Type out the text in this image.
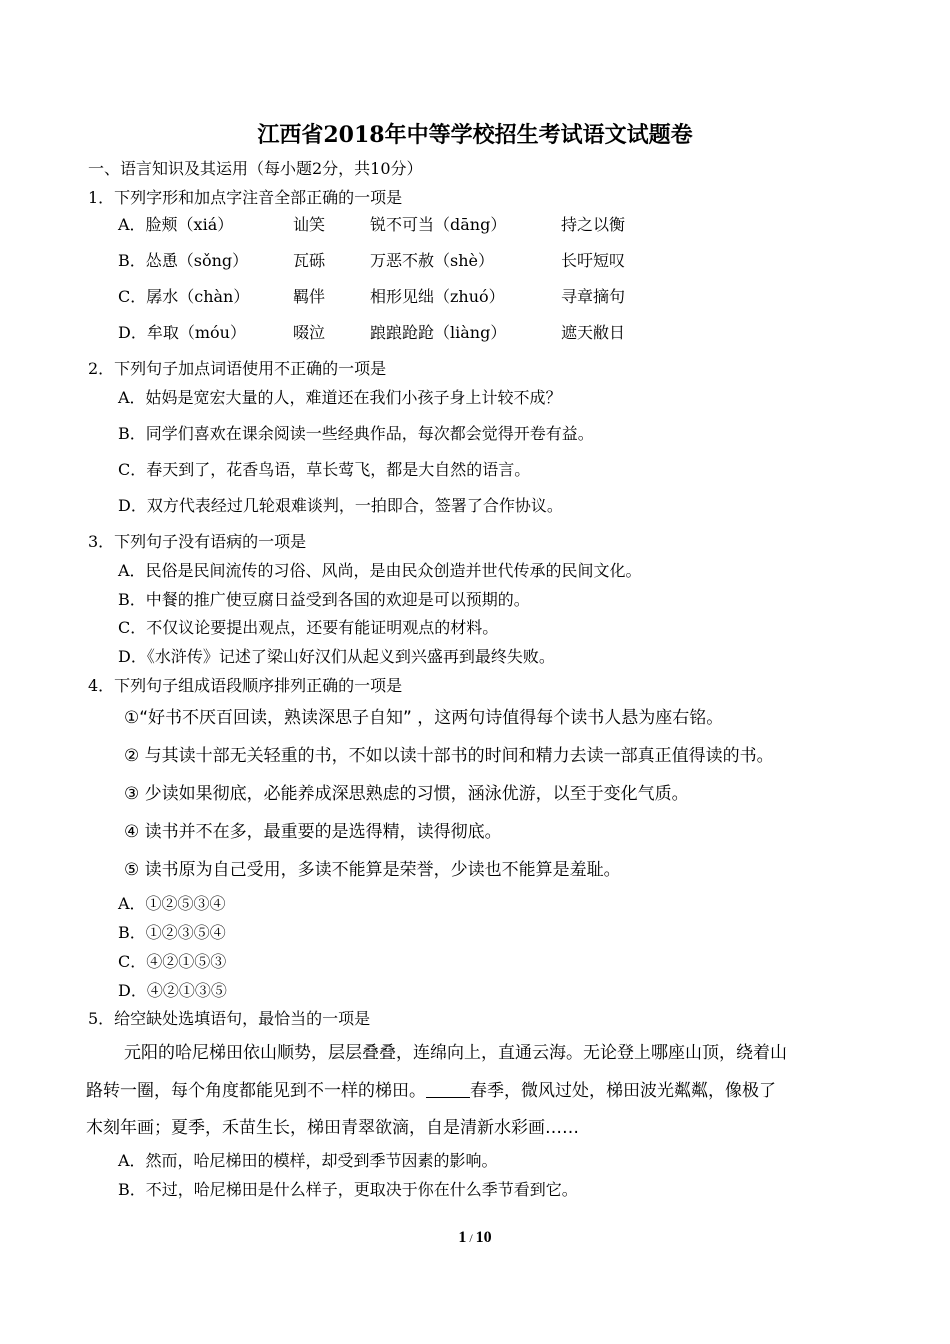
江西省2018年中等学校招生考试语文试题卷
一、语言知识及其运用（每小题2分，共10分）
1．下列字形和加点字注音全部正确的一项是
A．脸颊（xiá）	讪笑	锐不可当（dāng）	持之以衡
B．怂恿（sǒng）	瓦砾	万恶不赦（shè）	长吁短叹
C．孱水（chàn）	羁伴	相形见绌（zhuó）	寻章摘句
D．牟取（móu）	啜泣	踉踉跄跄（liàng）	遮天敝日
2．下列句子加点词语使用不正确的一项是
A．姑妈是宽宏大量的人，难道还在我们小孩子身上计较不成？
B．同学们喜欢在课余阅读一些经典作品，每次都会觉得开卷有益。
C．春天到了，花香鸟语，草长莺飞，都是大自然的语言。
D．双方代表经过几轮艰难谈判，一拍即合，签署了合作协议。
3．下列句子没有语病的一项是
A．民俗是民间流传的习俗、风尚，是由民众创造并世代传承的民间文化。
B．中餐的推广使豆腐日益受到各国的欢迎是可以预期的。
C．不仅议论要提出观点，还要有能证明观点的材料。
D．《水浒传》记述了梁山好汉们从起义到兴盛再到最终失败。
4．下列句子组成语段顺序排列正确的一项是
①“好书不厌百回读，熟读深思子自知” ，这两句诗值得每个读书人悬为座右铭。
② 与其读十部无关轻重的书，不如以读十部书的时间和精力去读一部真正值得读的书。
③ 少读如果彻底，必能养成深思熟虑的习惯，涵泳优游，以至于变化气质。
④ 读书并不在多，最重要的是选得精，读得彻底。
⑤ 读书原为自己受用，多读不能算是荣誉，少读也不能算是羞耻。
A．①②⑤③④
B．①②③⑤④
C．④②①⑤③
D．④②①③⑤
5．给空缺处选填语句，最恰当的一项是
元阳的哈尼梯田依山顺势，层层叠叠，连绵向上，直通云海。无论登上哪座山顶，绕着山
路转一圈，每个角度都能见到不一样的梯田。	春季，微风过处，梯田波光粼粼，像极了
木刻年画；夏季，禾苗生长，梯田青翠欲滴，自是清新水彩画……
A．然而，哈尼梯田的模样，却受到季节因素的影响。
B．不过，哈尼梯田是什么样子，更取决于你在什么季节看到它。
1 / 10
